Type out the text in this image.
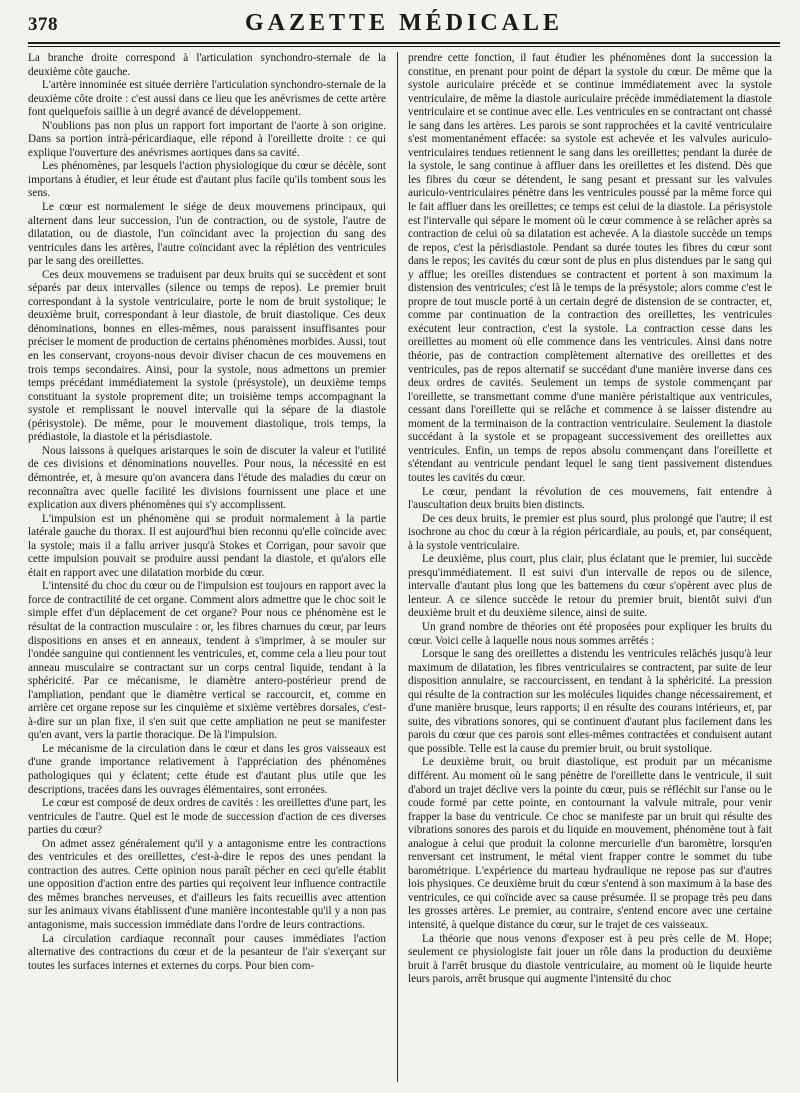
378	GAZETTE MÉDICALE

La branche droite correspond à l'articulation synchondro-sternale de la deuxième côte gauche.

L'artère innominée est située derrière l'articulation synchondro-sternale de la deuxième côte droite : c'est aussi dans ce lieu que les anévrismes de cette artère font quelquefois saillie à un degré avancé de développement.

N'oublions pas non plus un rapport fort important de l'aorte à son origine. Dans sa portion intrà-péricardiaque, elle répond à l'oreillette droite : ce qui explique l'ouverture des anévrismes aortiques dans sa cavité.

Les phénomènes, par lesquels l'action physiologique du cœur se décèle, sont importans à étudier, et leur étude est d'autant plus facile qu'ils tombent sous les sens.

Le cœur est normalement le siége de deux mouvemens principaux, qui alternent dans leur succession, l'un de contraction, ou de systole, l'autre de dilatation, ou de diastole, l'un coïncidant avec la projection du sang des ventricules dans les artères, l'autre coïncidant avec la réplétion des ventricules par le sang des oreillettes.

Ces deux mouvemens se traduisent par deux bruits qui se succèdent et sont séparés par deux intervalles (silence ou temps de repos). Le premier bruit correspondant à la systole ventriculaire, porte le nom de bruit systolique; le deuxième bruit, correspondant à leur diastole, de bruit diastolique. Ces deux dénominations, bonnes en elles-mêmes, nous paraissent insuffisantes pour préciser le moment de production de certains phénomènes morbides. Aussi, tout en les conservant, croyons-nous devoir diviser chacun de ces mouvemens en trois temps secondaires. Ainsi, pour la systole, nous admettons un premier temps précédant immédiatement la systole (présystole), un deuxième temps constituant la systole proprement dite; un troisième temps accompagnant la systole et remplissant le nouvel intervalle qui la sépare de la diastole (périsystole). De même, pour le mouvement diastolique, trois temps, la prédiastole, la diastole et la périsdiastole.

Nous laissons à quelques aristarques le soin de discuter la valeur et l'utilité de ces divisions et dénominations nouvelles. Pour nous, la nécessité en est démontrée, et, à mesure qu'on avancera dans l'étude des maladies du cœur on reconnaîtra avec quelle facilité les divisions fournissent une place et une explication aux divers phénomènes qui s'y accomplissent.

L'impulsion est un phénomène qui se produit normalement à la partie latérale gauche du thorax. Il est aujourd'hui bien reconnu qu'elle coïncide avec la systole; mais il a fallu arriver jusqu'à Stokes et Corrigan, pour savoir que cette impulsion pouvait se produire aussi pendant la diastole, et qu'alors elle était en rapport avec une dilatation morbide du cœur.

L'intensité du choc du cœur ou de l'impulsion est toujours en rapport avec la force de contractilité de cet organe. Comment alors admettre que le choc soit le simple effet d'un déplacement de cet organe? Pour nous ce phénomène est le résultat de la contraction musculaire : or, les fibres charnues du cœur, par leurs dispositions en anses et en anneaux, tendent à s'imprimer, à se mouler sur l'ondée sanguine qui contiennent les ventricules, et, comme cela a lieu pour tout anneau musculaire se contractant sur un corps central liquide, tendant à la sphéricité. Par ce mécanisme, le diamètre antero-postérieur prend de l'ampliation, pendant que le diamètre vertical se raccourcit, et, comme en arrière cet organe repose sur les cinquième et sixième vertèbres dorsales, c'est-à-dire sur un plan fixe, il s'en suit que cette ampliation ne peut se manifester qu'en avant, vers la partie thoracique. De là l'impulsion.

Le mécanisme de la circulation dans le cœur et dans les gros vaisseaux est d'une grande importance relativement à l'appréciation des phénomènes pathologiques qui y éclatent; cette étude est d'autant plus utile que les descriptions, tracées dans les ouvrages élémentaires, sont erronées.

Le cœur est composé de deux ordres de cavités : les oreillettes d'une part, les ventricules de l'autre. Quel est le mode de succession d'action de ces diverses parties du cœur?

On admet assez généralement qu'il y a antagonisme entre les contractions des ventricules et des oreillettes, c'est-à-dire le repos des unes pendant la contraction des autres. Cette opinion nous paraît pécher en ceci qu'elle établit une opposition d'action entre des parties qui reçoivent leur influence contractile des mêmes branches nerveuses, et d'ailleurs les faits recueillis avec attention sur les animaux vivans établissent d'une manière incontestable qu'il y a non pas antagonisme, mais succession immédiate dans l'ordre de leurs contractions.

La circulation cardiaque reconnaît pour causes immédiates l'action alternative des contractions du cœur et de la pesanteur de l'air s'exerçant sur toutes les surfaces internes et externes du corps. Pour bien com-

prendre cette fonction, il faut étudier les phénomènes dont la succession la constitue, en prenant pour point de départ la systole du cœur. De même que la systole auriculaire précède et se continue immédiatement avec la systole ventriculaire, de même la diastole auriculaire précède immédiatement la diastole ventriculaire et se continue avec elle. Les ventricules en se contractant ont chassé le sang dans les artères. Les parois se sont rapprochées et la cavité ventriculaire s'est momentanément effacée: sa systole est achevée et les valvules auriculo-ventriculaires tendues retiennent le sang dans les oreillettes; pendant la durée de la systole, le sang continue à affluer dans les oreillettes et les distend. Dès que les fibres du cœur se détendent, le sang pesant et pressant sur les valvules auriculo-ventriculaires pénètre dans les ventricules poussé par la même force qui le fait affluer dans les oreillettes; ce temps est celui de la diastole. La périsystole est l'intervalle qui sépare le moment où le cœur commence à se relâcher après sa contraction de celui où sa dilatation est achevée. A la diastole succède un temps de repos, c'est la périsdiastole. Pendant sa durée toutes les fibres du cœur sont dans le repos; les cavités du cœur sont de plus en plus distendues par le sang qui y afflue; les oreilles distendues se contractent et portent à son maximum la distension des ventricules; c'est là le temps de la présystole; alors comme c'est le propre de tout muscle porté à un certain degré de distension de se contracter, et, comme par continuation de la contraction des oreillettes, les ventricules exécutent leur contraction, c'est la systole. La contraction cesse dans les oreillettes au moment où elle commence dans les ventricules. Ainsi dans notre théorie, pas de contraction complètement alternative des oreillettes et des ventricules, pas de repos alternatif se succédant d'une manière inverse dans ces deux ordres de cavités. Seulement un temps de systole commençant par l'oreillette, se transmettant comme d'une manière péristaltique aux ventricules, cessant dans l'oreillette qui se relâche et commence à se laisser distendre au moment de la terminaison de la contraction ventriculaire. Seulement la diastole succédant à la systole et se propageant successivement des oreillettes aux ventricules. Enfin, un temps de repos absolu commençant dans l'oreillette et s'étendant au ventricule pendant lequel le sang tient passivement distendues toutes les cavités du cœur.

Le cœur, pendant la révolution de ces mouvemens, fait entendre à l'auscultation deux bruits bien distincts.

De ces deux bruits, le premier est plus sourd, plus prolongé que l'autre; il est isochrone au choc du cœur à la région péricardiale, au pouls, et, par conséquent, à la systole ventriculaire.

Le deuxième, plus court, plus clair, plus éclatant que le premier, lui succède presqu'immédiatement. Il est suivi d'un intervalle de repos ou de silence, intervalle d'autant plus long que les battemens du cœur s'opèrent avec plus de lenteur. A ce silence succède le retour du premier bruit, bientôt suivi d'un deuxième bruit et du deuxième silence, ainsi de suite.

Un grand nombre de théories ont été proposées pour expliquer les bruits du cœur. Voici celle à laquelle nous nous sommes arrêtés :

Lorsque le sang des oreillettes a distendu les ventricules relâchés jusqu'à leur maximum de dilatation, les fibres ventriculaires se contractent, par suite de leur disposition annulaire, se raccourcissent, en tendant à la sphéricité. La pression qui résulte de la contraction sur les molécules liquides change nécessairement, et d'une manière brusque, leurs rapports; il en résulte des courans intérieurs, et, par suite, des vibrations sonores, qui se continuent d'autant plus facilement dans les parois du cœur que ces parois sont elles-mêmes contractées et conduisent autant que possible. Telle est la cause du premier bruit, ou bruit systolique.

Le deuxième bruit, ou bruit diastolique, est produit par un mécanisme différent. Au moment où le sang pénètre de l'oreillette dans le ventricule, il suit d'abord un trajet déclive vers la pointe du cœur, puis se réfléchit sur l'anse ou le coude formé par cette pointe, en contournant la valvule mitrale, pour venir frapper la base du ventricule. Ce choc se manifeste par un bruit qui résulte des vibrations sonores des parois et du liquide en mouvement, phénomène tout à fait analogue à celui que produit la colonne mercurielle d'un baromètre, lorsqu'en renversant cet instrument, le métal vient frapper contre le sommet du tube barométrique. L'expérience du marteau hydraulique ne repose pas sur d'autres lois physiques. Ce deuxième bruit du cœur s'entend à son maximum à la base des ventricules, ce qui coïncide avec sa cause présumée. Il se propage très peu dans les grosses artères. Le premier, au contraire, s'entend encore avec une certaine intensité, à quelque distance du cœur, sur le trajet de ces vaisseaux.

La théorie que nous venons d'exposer est à peu près celle de M. Hope; seulement ce physiologiste fait jouer un rôle dans la production du deuxième bruit à l'arrêt brusque du diastole ventriculaire, au moment où le liquide heurte leurs parois, arrêt brusque qui augmente l'intensité du choc
